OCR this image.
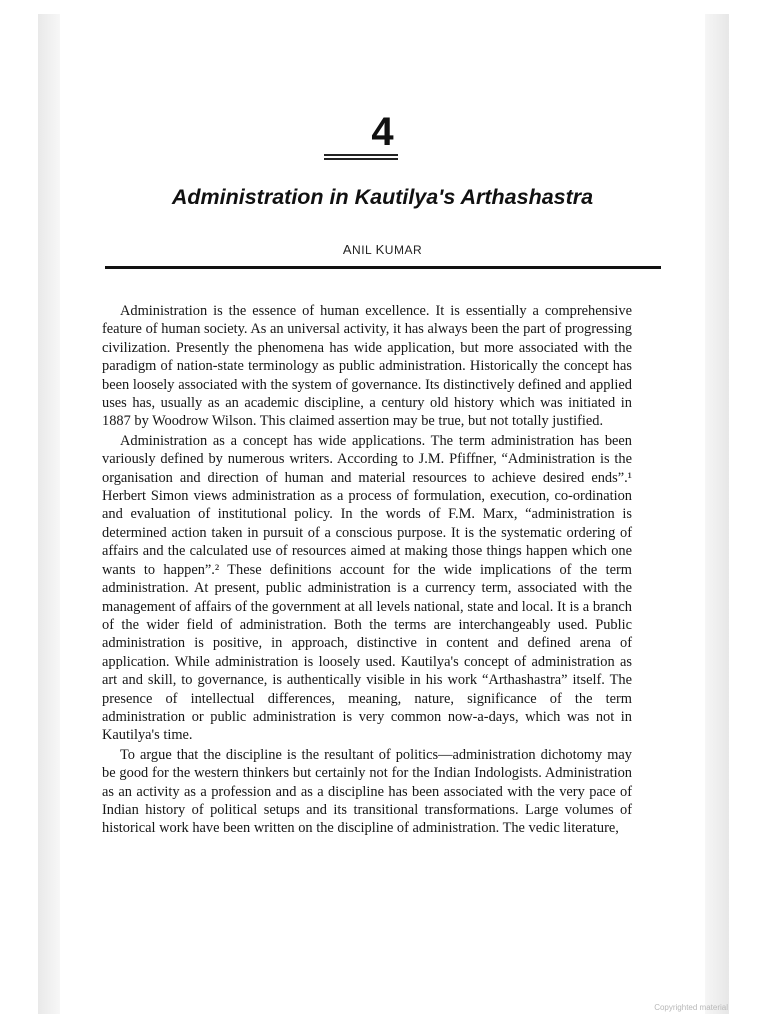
4
Administration in Kautilya's Arthashastra
ANIL KUMAR

Administration is the essence of human excellence. It is essentially a comprehensive feature of human society. As an universal activity, it has always been the part of progressing civilization. Presently the phenomena has wide application, but more associated with the paradigm of nation-state terminology as public administration. Historically the concept has been loosely associated with the system of governance. Its distinctively defined and applied uses has, usually as an academic discipline, a century old history which was initiated in 1887 by Woodrow Wilson. This claimed assertion may be true, but not totally justified.

Administration as a concept has wide applications. The term administration has been variously defined by numerous writers. According to J.M. Pfiffner, “Administration is the organisation and direction of human and material resources to achieve desired ends”.¹ Herbert Simon views administration as a process of formulation, execution, co-ordination and evaluation of institutional policy. In the words of F.M. Marx, “administration is determined action taken in pursuit of a conscious purpose. It is the systematic ordering of affairs and the calculated use of resources aimed at making those things happen which one wants to happen”.² These definitions account for the wide implications of the term administration. At present, public administration is a currency term, associated with the management of affairs of the government at all levels national, state and local. It is a branch of the wider field of administration. Both the terms are interchangeably used. Public administration is positive, in approach, distinctive in content and defined arena of application. While administration is loosely used. Kautilya's concept of administration as art and skill, to governance, is authentically visible in his work “Arthashastra” itself. The presence of intellectual differences, meaning, nature, significance of the term administration or public administration is very common now-a-days, which was not in Kautilya's time.

To argue that the discipline is the resultant of politics—administration dichotomy may be good for the western thinkers but certainly not for the Indian Indologists. Administration as an activity as a profession and as a discipline has been associated with the very pace of Indian history of political setups and its transitional transformations. Large volumes of historical work have been written on the discipline of administration. The vedic literature,

Copyrighted material
